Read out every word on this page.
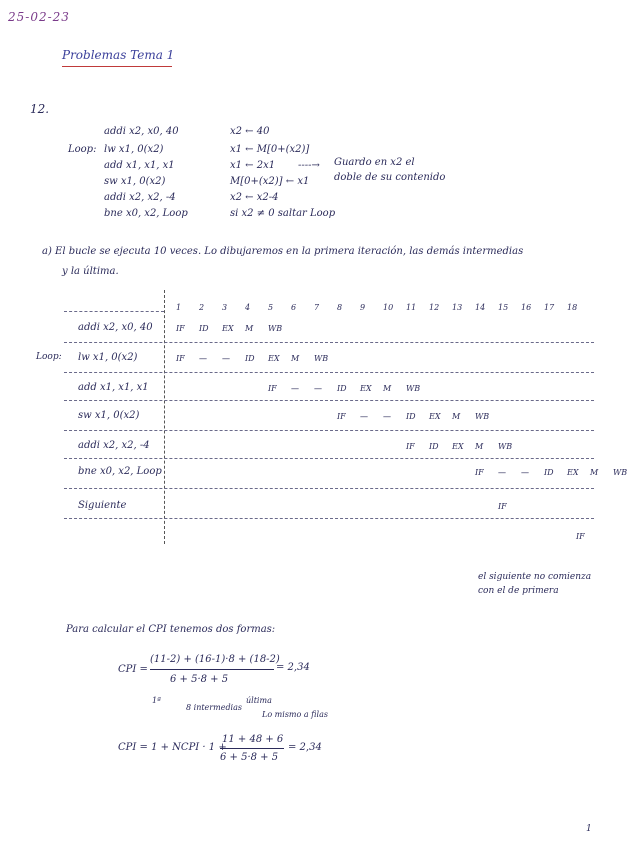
25-02-23
Problemas Tema 1
12.
Loop:
addi x2, x0, 40
lw x1, 0(x2)
add x1, x1, x1
sw x1, 0(x2)
addi x2, x2, -4
bne x0, x2, Loop
x2 ← 40
x1 ← M[0+(x2)]
x1 ← 2x1
M[0+(x2)] ← x1
x2 ← x2-4
si x2 ≠ 0 saltar Loop
----→ Guardo en x2 el
doble de su contenido
a) El bucle se ejecuta 10 veces. Lo dibujaremos en la primera iteración, las demás intermedias
y la última.
1 2 3 4 5 6 7 8 9 10 11 12 13 14 15 16 17 18
Loop:
addi x2, x0, 40
lw x1, 0(x2)
add x1, x1, x1
sw x1, 0(x2)
addi x2, x2, -4
bne x0, x2, Loop
Siguiente
IF ID EX M WB
IF — — ID EX M WB
IF — — ID EX M WB
IF — — ID EX M WB
IF ID EX M WB
IF — — ID EX M WB
IF
IF
el siguiente no comienza
con el de primera
Para calcular el CPI tenemos dos formas:
CPI =
(11-2) + (16-1)·8 + (18-2)
6 + 5·8 + 5
= 2,34
1ª
8 intermedias
última
Lo mismo a filas
CPI = 1 + NCPI · 1 +
11 + 48 + 6
6 + 5·8 + 5
= 2,34
1
